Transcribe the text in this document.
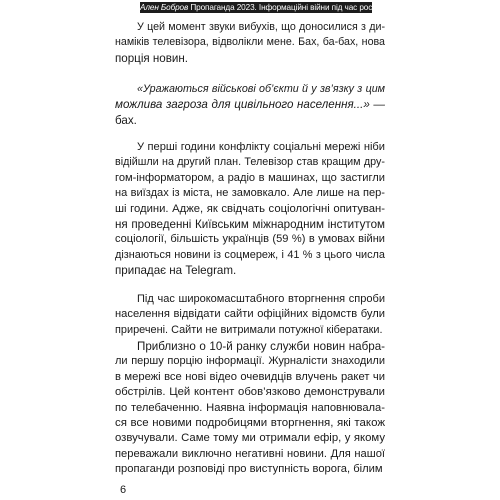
Ален Бобров Пропаганда 2023. Інформаційні війни під час російської агресії
У цей момент звуки вибухів, що доносилися з ди-
наміків телевізора, відволікли мене. Бах, ба-бах, нова
порція новин.
«Уражаються військові об’єкти й у зв’язку з цим
можлива загроза для цивільного населення...» —
бах.
У перші години конфлікту соціальні мережі ніби
відійшли на другий план. Телевізор став кращим дру-
гом-інформатором, а радіо в машинах, що застигли
на виїздах із міста, не замовкало. Але лише на пер-
ші години. Адже, як свідчать соціологічні опитуван-
ня проведенні Київським міжнародним інститутом
соціології, більшість українців (59 %) в умовах війни
дізнаються новини із соцмереж, і 41 % з цього числа
припадає на Telegram.
Під час широкомасштабного вторгнення спроби
населення відвідати сайти офіційних відомств були
приречені. Сайти не витримали потужної кібератаки.
Приблизно о 10-й ранку служби новин набра-
ли першу порцію інформації. Журналісти знаходили
в мережі все нові відео очевидців влучень ракет чи
обстрілів. Цей контент обов’язково демонстрували
по телебаченню. Наявна інформація наповнювала-
ся все новими подробицями вторгнення, які також
озвучували. Саме тому ми отримали ефір, у якому
переважали виключно негативні новини. Для нашої
пропаганди розповіді про виступність ворога, білим
6
